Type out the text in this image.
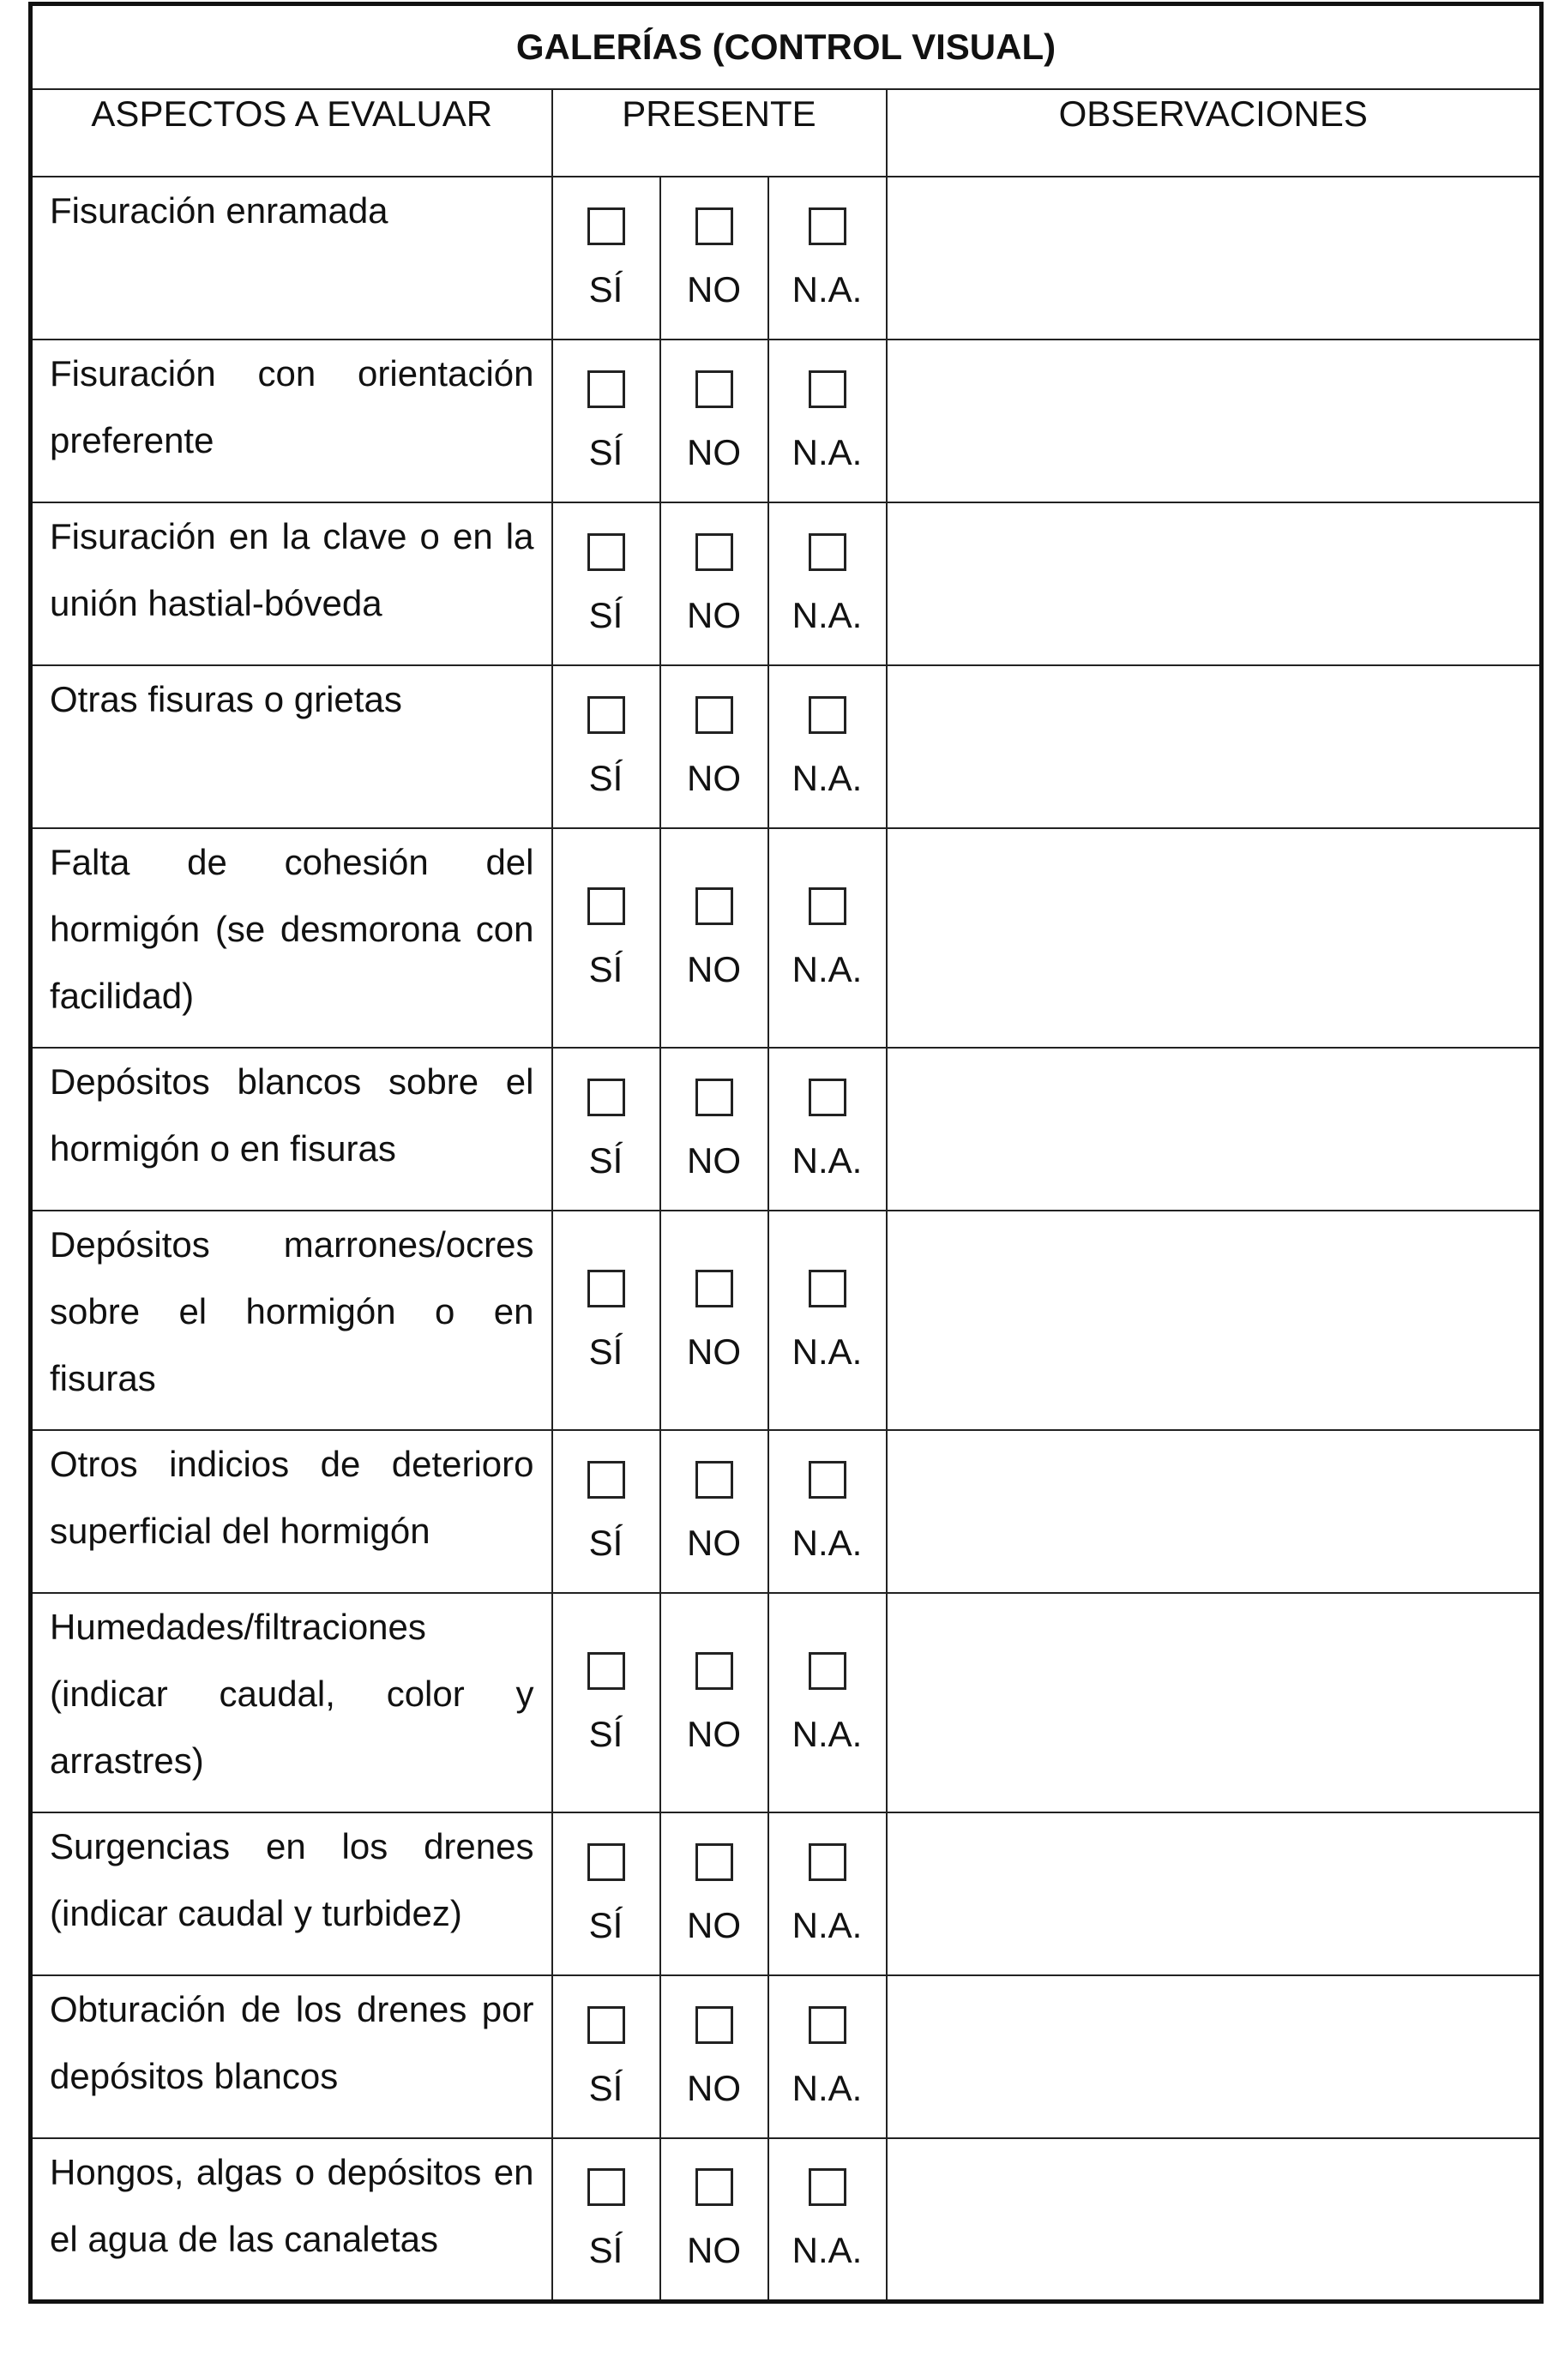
GALERÍAS (CONTROL VISUAL)				
ASPECTOS A EVALUAR	PRESENTE			OBSERVACIONES
Fisuración enramada	SÍ	NO	N.A.	

Fisuración con orientación preferente	SÍ	NO	N.A.	

Fisuración en la clave o en la unión hastial-bóveda	SÍ	NO	N.A.	

Otras fisuras o grietas	SÍ	NO	N.A.	

Falta de cohesión del hormigón (se desmorona con facilidad)	SÍ	NO	N.A.	

Depósitos blancos sobre el hormigón o en fisuras	SÍ	NO	N.A.	

Depósitos marrones/ocres sobre el hormigón o en fisuras	SÍ	NO	N.A.	

Otros indicios de deterioro superficial del hormigón	SÍ	NO	N.A.	

Humedades/filtraciones (indicar caudal, color y arrastres)	SÍ	NO	N.A.	

Surgencias en los drenes (indicar caudal y turbidez)	SÍ	NO	N.A.	

Obturación de los drenes por depósitos blancos	SÍ	NO	N.A.	

Hongos, algas o depósitos en el agua de las canaletas	SÍ	NO	N.A.	
